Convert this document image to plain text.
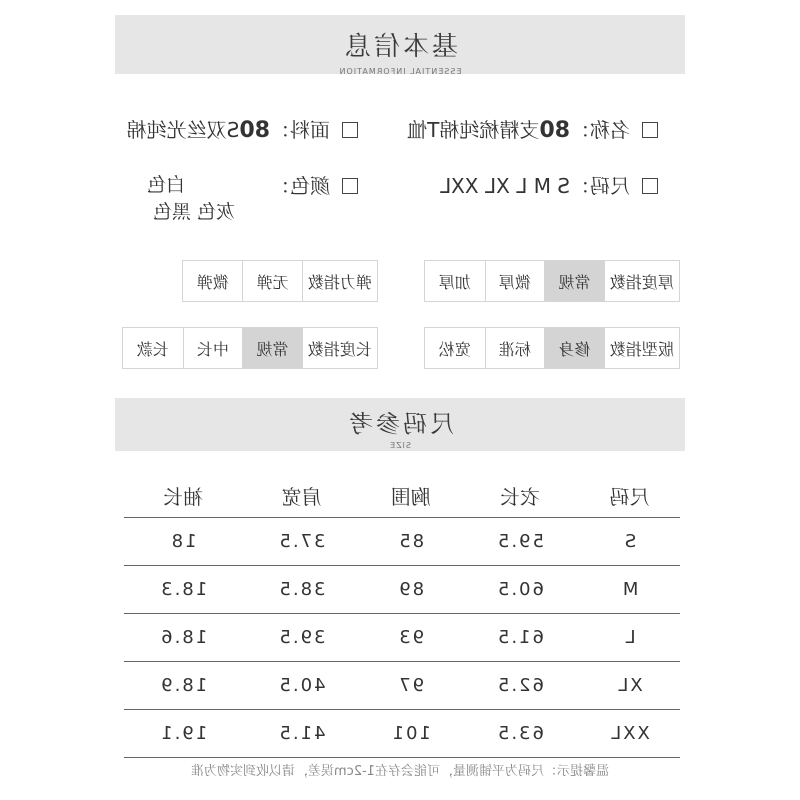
基本信息
ESSENTIAL INFORMATION
名称：80支精梳纯棉T恤
面料：80S双丝光纯棉
尺码：S M L XL XXL
颜色：
白色
灰色 黑色
厚度指数
常规
微厚
加厚
弹力指数
无弹
微弹
版型指数
修身
标准
宽松
长度指数
常规
中长
长款
尺码参考
SIZE
尺码	衣长	胸围	肩宽	袖长
S	59.5	85	37.5	18
M	60.5	89	38.5	18.3
L	61.5	93	39.5	18.6
XL	62.5	97	40.5	18.9
XXL	63.5	101	41.5	19.1
温馨提示：尺码为平铺测量，可能会存在1-2cm误差，请以收到实物为准
